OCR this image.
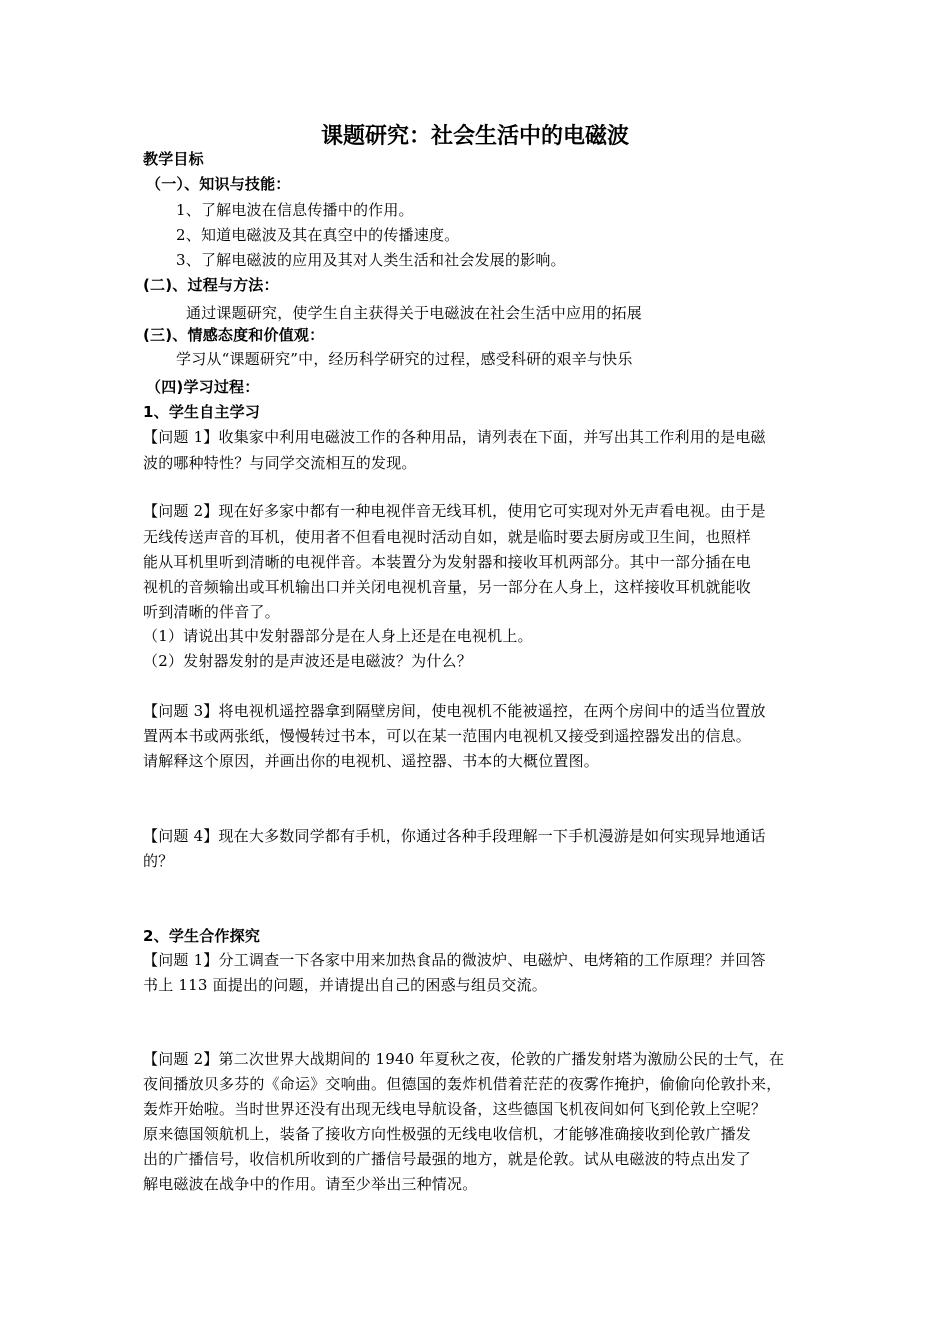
课题研究：社会生活中的电磁波
教学目标
（一）、知识与技能：
1、了解电波在信息传播中的作用。
2、知道电磁波及其在真空中的传播速度。
3、了解电磁波的应用及其对人类生活和社会发展的影响。
(二)、过程与方法：
通过课题研究，使学生自主获得关于电磁波在社会生活中应用的拓展
(三)、情感态度和价值观：
学习从“课题研究”中，经历科学研究的过程，感受科研的艰辛与快乐
（四)学习过程：
1、学生自主学习
【问题 1】收集家中利用电磁波工作的各种用品，请列表在下面，并写出其工作利用的是电磁
波的哪种特性？与同学交流相互的发现。
【问题 2】现在好多家中都有一种电视伴音无线耳机，使用它可实现对外无声看电视。由于是
无线传送声音的耳机，使用者不但看电视时活动自如，就是临时要去厨房或卫生间，也照样
能从耳机里听到清晰的电视伴音。本装置分为发射器和接收耳机两部分。其中一部分插在电
视机的音频输出或耳机输出口并关闭电视机音量，另一部分在人身上，这样接收耳机就能收
听到清晰的伴音了。
（1）请说出其中发射器部分是在人身上还是在电视机上。
（2）发射器发射的是声波还是电磁波？为什么？
【问题 3】将电视机遥控器拿到隔壁房间，使电视机不能被遥控，在两个房间中的适当位置放
置两本书或两张纸，慢慢转过书本，可以在某一范围内电视机又接受到遥控器发出的信息。
请解释这个原因，并画出你的电视机、遥控器、书本的大概位置图。
【问题 4】现在大多数同学都有手机，你通过各种手段理解一下手机漫游是如何实现异地通话
的？
2、学生合作探究
【问题 1】分工调查一下各家中用来加热食品的微波炉、电磁炉、电烤箱的工作原理？并回答
书上 113 面提出的问题，并请提出自己的困惑与组员交流。
【问题 2】第二次世界大战期间的 1940 年夏秋之夜，伦敦的广播发射塔为激励公民的士气，在
夜间播放贝多芬的《命运》交响曲。但德国的轰炸机借着茫茫的夜雾作掩护，偷偷向伦敦扑来，
轰炸开始啦。当时世界还没有出现无线电导航设备，这些德国飞机夜间如何飞到伦敦上空呢？
原来德国领航机上，装备了接收方向性极强的无线电收信机，才能够准确接收到伦敦广播发
出的广播信号，收信机所收到的广播信号最强的地方，就是伦敦。试从电磁波的特点出发了
解电磁波在战争中的作用。请至少举出三种情况。
